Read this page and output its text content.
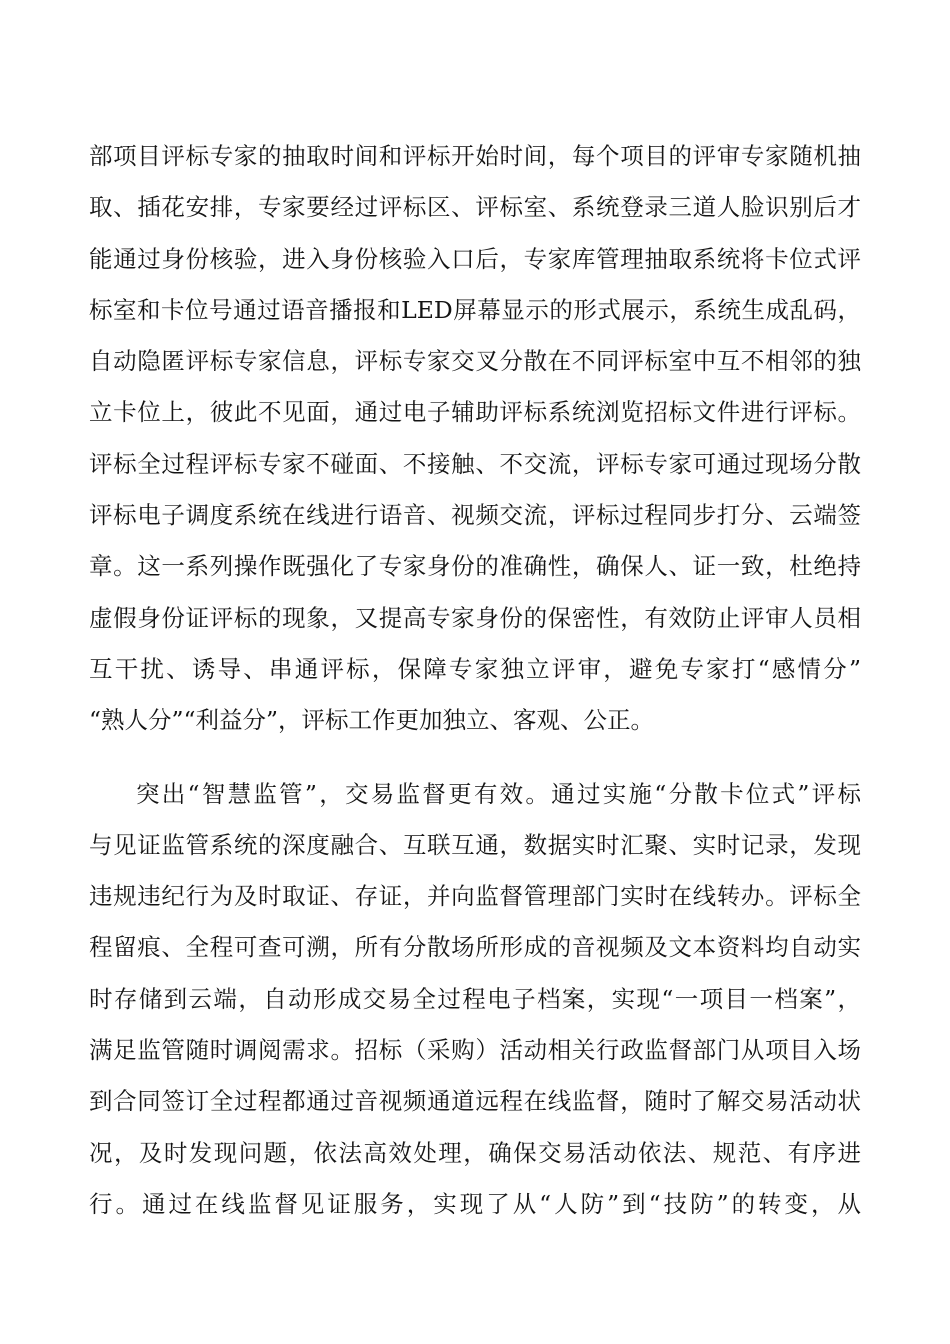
部项目评标专家的抽取时间和评标开始时间，每个项目的评审专家随机抽
取、插花安排，专家要经过评标区、评标室、系统登录三道人脸识别后才
能通过身份核验，进入身份核验入口后，专家库管理抽取系统将卡位式评
标室和卡位号通过语音播报和LED屏幕显示的形式展示，系统生成乱码，
自动隐匿评标专家信息，评标专家交叉分散在不同评标室中互不相邻的独
立卡位上，彼此不见面，通过电子辅助评标系统浏览招标文件进行评标。
评标全过程评标专家不碰面、不接触、不交流，评标专家可通过现场分散
评标电子调度系统在线进行语音、视频交流，评标过程同步打分、云端签
章。这一系列操作既强化了专家身份的准确性，确保人、证一致，杜绝持
虚假身份证评标的现象，又提高专家身份的保密性，有效防止评审人员相
互干扰、诱导、串通评标，保障专家独立评审，避免专家打“感情分”
“熟人分”“利益分”，评标工作更加独立、客观、公正。
突出“智慧监管”，交易监督更有效。通过实施“分散卡位式”评标
与见证监管系统的深度融合、互联互通，数据实时汇聚、实时记录，发现
违规违纪行为及时取证、存证，并向监督管理部门实时在线转办。评标全
程留痕、全程可查可溯，所有分散场所形成的音视频及文本资料均自动实
时存储到云端，自动形成交易全过程电子档案，实现“一项目一档案”，
满足监管随时调阅需求。招标（采购）活动相关行政监督部门从项目入场
到合同签订全过程都通过音视频通道远程在线监督，随时了解交易活动状
况，及时发现问题，依法高效处理，确保交易活动依法、规范、有序进
行。通过在线监督见证服务，实现了从“人防”到“技防”的转变，从
